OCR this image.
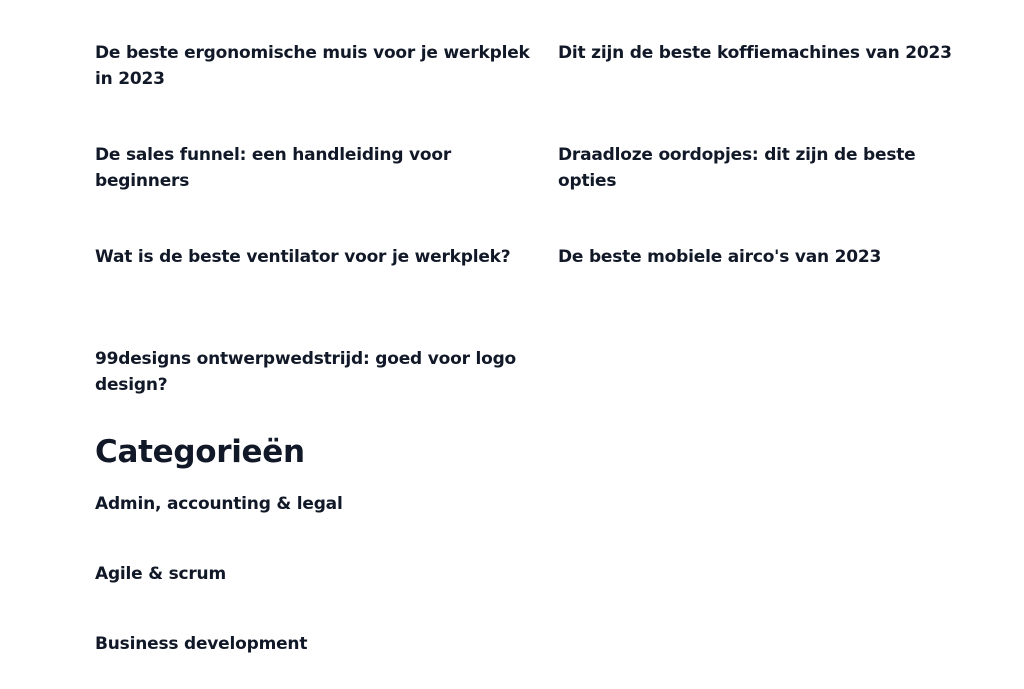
De beste ergonomische muis voor je werkplek in 2023
Dit zijn de beste koffiemachines van 2023
De sales funnel: een handleiding voor beginners
Draadloze oordopjes: dit zijn de beste opties
Wat is de beste ventilator voor je werkplek?	De beste mobiele airco's van 2023
99designs ontwerpwedstrijd: goed voor logo design?
Categorieën
Admin, accounting & legal
Agile & scrum
Business development
